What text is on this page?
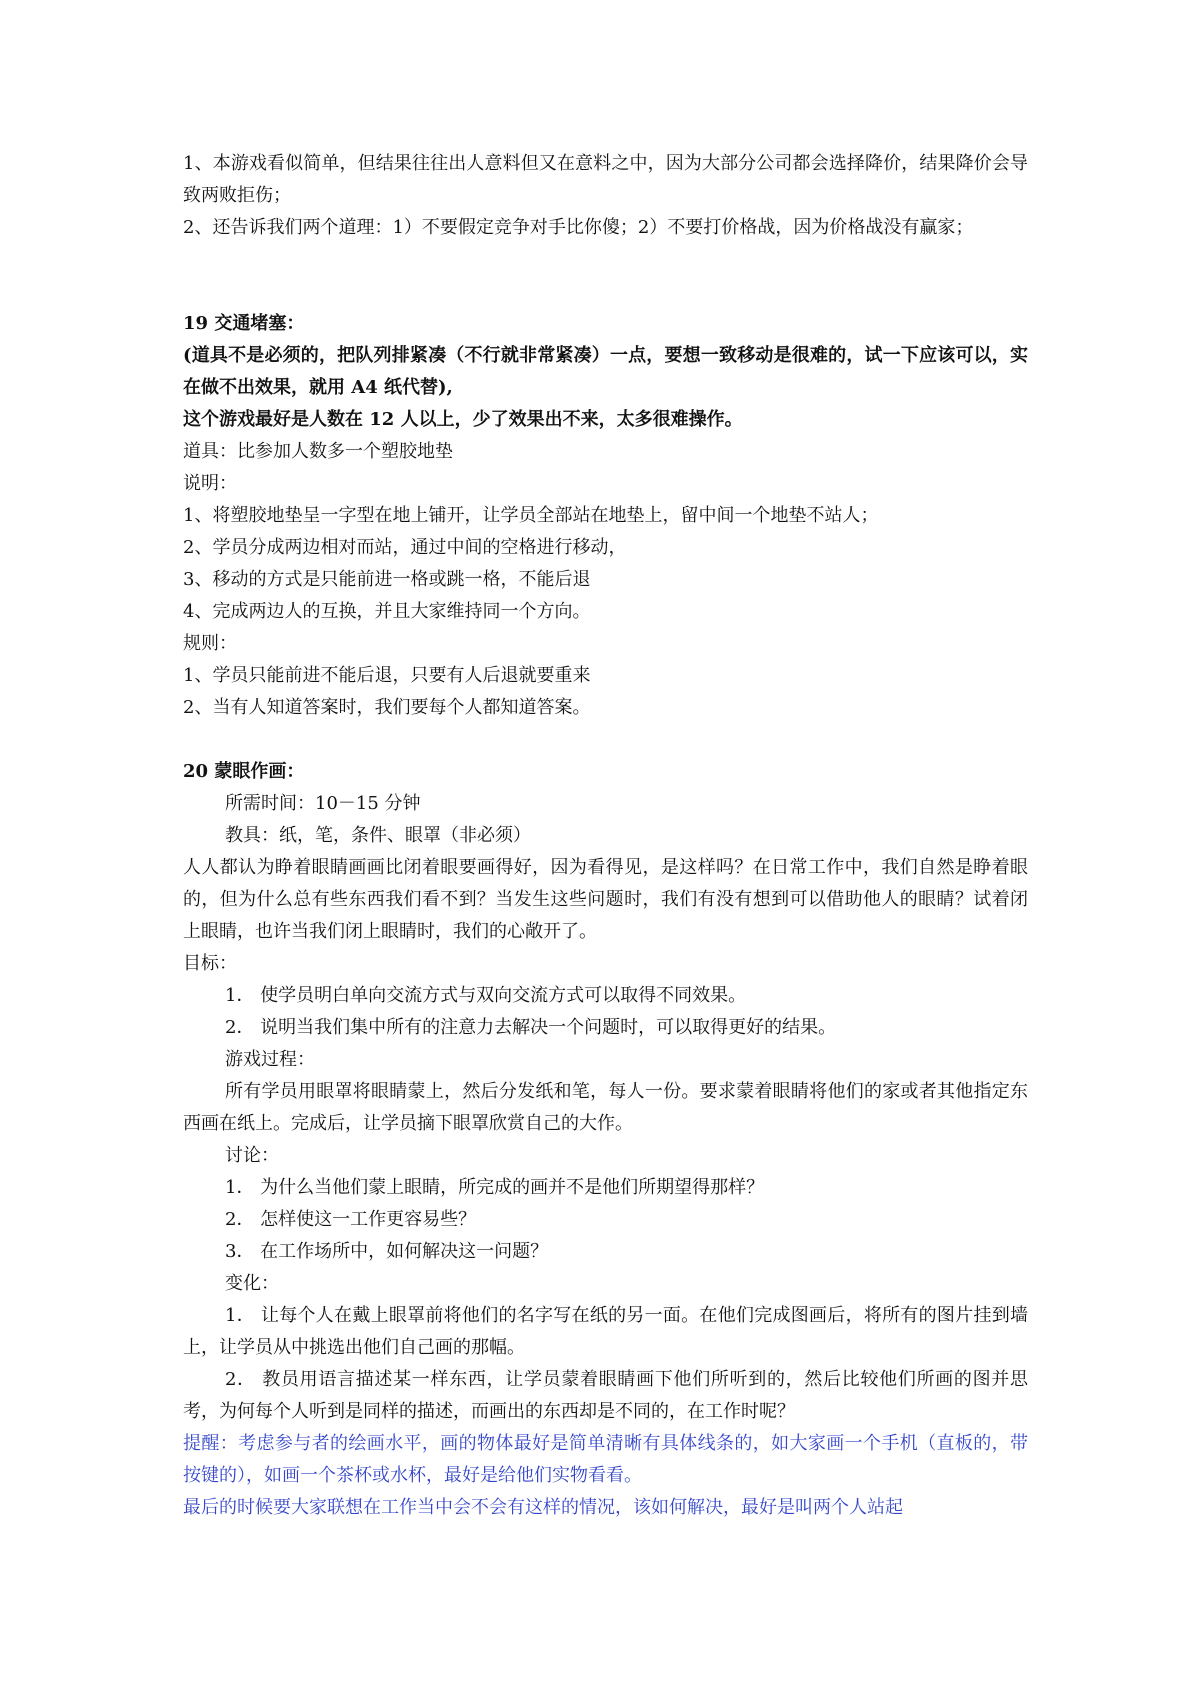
1、本游戏看似简单，但结果往往出人意料但又在意料之中，因为大部分公司都会选择降价，结果降价会导致两败拒伤；

2、还告诉我们两个道理：1）不要假定竞争对手比你傻；2）不要打价格战，因为价格战没有赢家；

19 交通堵塞：

(道具不是必须的，把队列排紧凑（不行就非常紧凑）一点，要想一致移动是很难的，试一下应该可以，实在做不出效果，就用 A4 纸代替),

这个游戏最好是人数在 12 人以上，少了效果出不来，太多很难操作。

道具：比参加人数多一个塑胶地垫

说明：

1、将塑胶地垫呈一字型在地上铺开，让学员全部站在地垫上，留中间一个地垫不站人；

2、学员分成两边相对而站，通过中间的空格进行移动，

3、移动的方式是只能前进一格或跳一格，不能后退

4、完成两边人的互换，并且大家维持同一个方向。

规则：

1、学员只能前进不能后退，只要有人后退就要重来

2、当有人知道答案时，我们要每个人都知道答案。

20 蒙眼作画：

所需时间：10－15 分钟

教具：纸，笔，条件、眼罩（非必须）

人人都认为睁着眼睛画画比闭着眼要画得好，因为看得见，是这样吗？在日常工作中，我们自然是睁着眼的，但为什么总有些东西我们看不到？当发生这些问题时，我们有没有想到可以借助他人的眼睛？试着闭上眼睛，也许当我们闭上眼睛时，我们的心敞开了。

目标：

1． 使学员明白单向交流方式与双向交流方式可以取得不同效果。

2． 说明当我们集中所有的注意力去解决一个问题时，可以取得更好的结果。

游戏过程：

所有学员用眼罩将眼睛蒙上，然后分发纸和笔，每人一份。要求蒙着眼睛将他们的家或者其他指定东西画在纸上。完成后，让学员摘下眼罩欣赏自己的大作。

讨论：

1． 为什么当他们蒙上眼睛，所完成的画并不是他们所期望得那样？

2． 怎样使这一工作更容易些？

3． 在工作场所中，如何解决这一问题？

变化：

1． 让每个人在戴上眼罩前将他们的名字写在纸的另一面。在他们完成图画后，将所有的图片挂到墙上，让学员从中挑选出他们自己画的那幅。

2． 教员用语言描述某一样东西，让学员蒙着眼睛画下他们所听到的，然后比较他们所画的图并思考，为何每个人听到是同样的描述，而画出的东西却是不同的，在工作时呢？

提醒：考虑参与者的绘画水平，画的物体最好是简单清晰有具体线条的，如大家画一个手机（直板的，带按键的），如画一个茶杯或水杯，最好是给他们实物看看。

最后的时候要大家联想在工作当中会不会有这样的情况，该如何解决，最好是叫两个人站起
